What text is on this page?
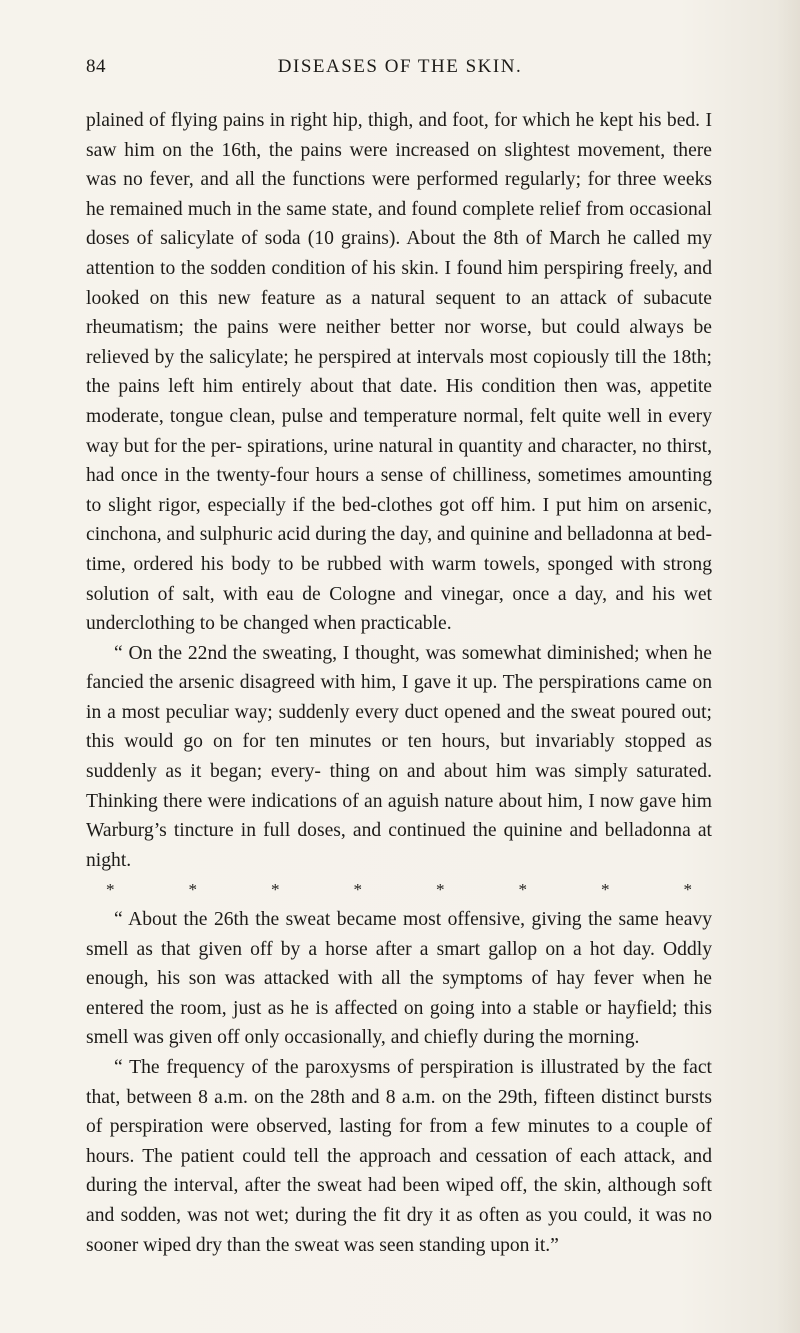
84	DISEASES OF THE SKIN.

plained of flying pains in right hip, thigh, and foot, for which he kept his bed. I saw him on the 16th, the pains were increased on slightest movement, there was no fever, and all the functions were performed regularly; for three weeks he remained much in the same state, and found complete relief from occasional doses of salicylate of soda (10 grains). About the 8th of March he called my attention to the sodden condition of his skin. I found him perspiring freely, and looked on this new feature as a natural sequent to an attack of subacute rheumatism; the pains were neither better nor worse, but could always be relieved by the salicylate; he perspired at intervals most copiously till the 18th; the pains left him entirely about that date. His condition then was, appetite moderate, tongue clean, pulse and temperature normal, felt quite well in every way but for the per- spirations, urine natural in quantity and character, no thirst, had once in the twenty-four hours a sense of chilliness, sometimes amounting to slight rigor, especially if the bed-clothes got off him. I put him on arsenic, cinchona, and sulphuric acid during the day, and quinine and belladonna at bed-time, ordered his body to be rubbed with warm towels, sponged with strong solution of salt, with eau de Cologne and vinegar, once a day, and his wet underclothing to be changed when practicable.

“ On the 22nd the sweating, I thought, was somewhat diminished; when he fancied the arsenic disagreed with him, I gave it up. The perspirations came on in a most peculiar way; suddenly every duct opened and the sweat poured out; this would go on for ten minutes or ten hours, but invariably stopped as suddenly as it began; every- thing on and about him was simply saturated. Thinking there were indications of an aguish nature about him, I now gave him Warburg’s tincture in full doses, and continued the quinine and belladonna at night.

*	*	*	*	*	*	*	*

“ About the 26th the sweat became most offensive, giving the same heavy smell as that given off by a horse after a smart gallop on a hot day. Oddly enough, his son was attacked with all the symptoms of hay fever when he entered the room, just as he is affected on going into a stable or hayfield; this smell was given off only occasionally, and chiefly during the morning.

“ The frequency of the paroxysms of perspiration is illustrated by the fact that, between 8 a.m. on the 28th and 8 a.m. on the 29th, fifteen distinct bursts of perspiration were observed, lasting for from a few minutes to a couple of hours. The patient could tell the approach and cessation of each attack, and during the interval, after the sweat had been wiped off, the skin, although soft and sodden, was not wet; during the fit dry it as often as you could, it was no sooner wiped dry than the sweat was seen standing upon it.”
